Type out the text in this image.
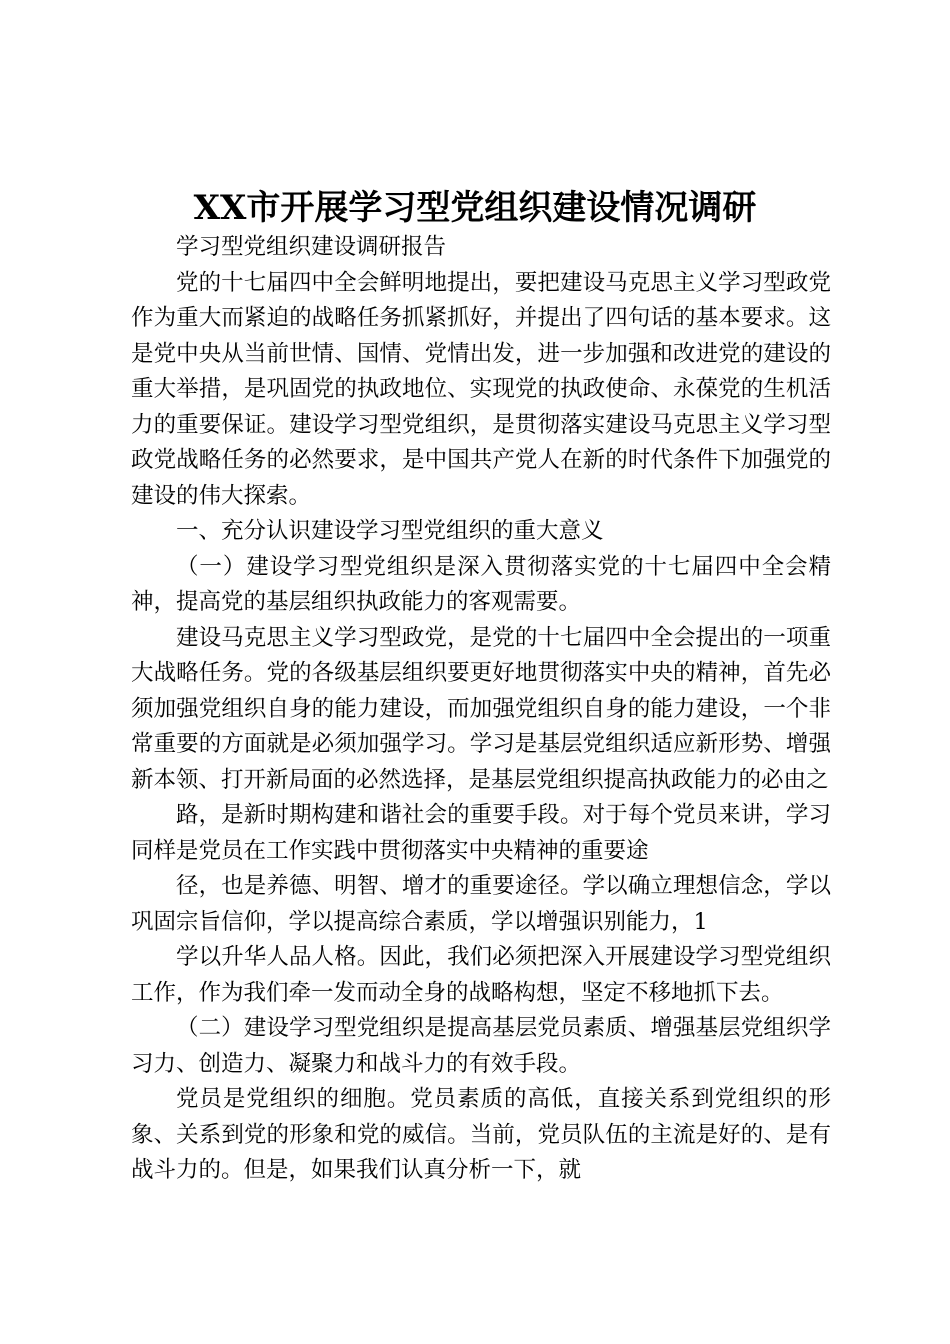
XX市开展学习型党组织建设情况调研

学习型党组织建设调研报告

党的十七届四中全会鲜明地提出，要把建设马克思主义学习型政党作为重大而紧迫的战略任务抓紧抓好，并提出了四句话的基本要求。这是党中央从当前世情、国情、党情出发，进一步加强和改进党的建设的重大举措，是巩固党的执政地位、实现党的执政使命、永葆党的生机活力的重要保证。建设学习型党组织，是贯彻落实建设马克思主义学习型政党战略任务的必然要求，是中国共产党人在新的时代条件下加强党的建设的伟大探索。

一、充分认识建设学习型党组织的重大意义

（一）建设学习型党组织是深入贯彻落实党的十七届四中全会精神，提高党的基层组织执政能力的客观需要。

建设马克思主义学习型政党，是党的十七届四中全会提出的一项重大战略任务。党的各级基层组织要更好地贯彻落实中央的精神，首先必须加强党组织自身的能力建设，而加强党组织自身的能力建设，一个非常重要的方面就是必须加强学习。学习是基层党组织适应新形势、增强新本领、打开新局面的必然选择，是基层党组织提高执政能力的必由之

路，是新时期构建和谐社会的重要手段。对于每个党员来讲，学习同样是党员在工作实践中贯彻落实中央精神的重要途

径，也是养德、明智、增才的重要途径。学以确立理想信念，学以巩固宗旨信仰，学以提高综合素质，学以增强识别能力，1

学以升华人品人格。因此，我们必须把深入开展建设学习型党组织工作，作为我们牵一发而动全身的战略构想，坚定不移地抓下去。

（二）建设学习型党组织是提高基层党员素质、增强基层党组织学习力、创造力、凝聚力和战斗力的有效手段。

党员是党组织的细胞。党员素质的高低，直接关系到党组织的形象、关系到党的形象和党的威信。当前，党员队伍的主流是好的、是有战斗力的。但是，如果我们认真分析一下，就
